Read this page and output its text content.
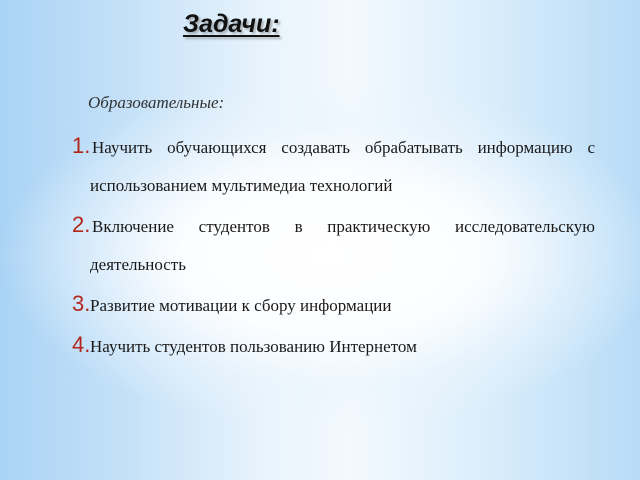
Задачи:

Образовательные:

1. Научить обучающихся создавать обрабатывать информацию с использованием мультимедиа технологий
2. Включение студентов в практическую исследовательскую деятельность
3. Развитие мотивации к сбору информации
4. Научить студентов пользованию Интернетом
